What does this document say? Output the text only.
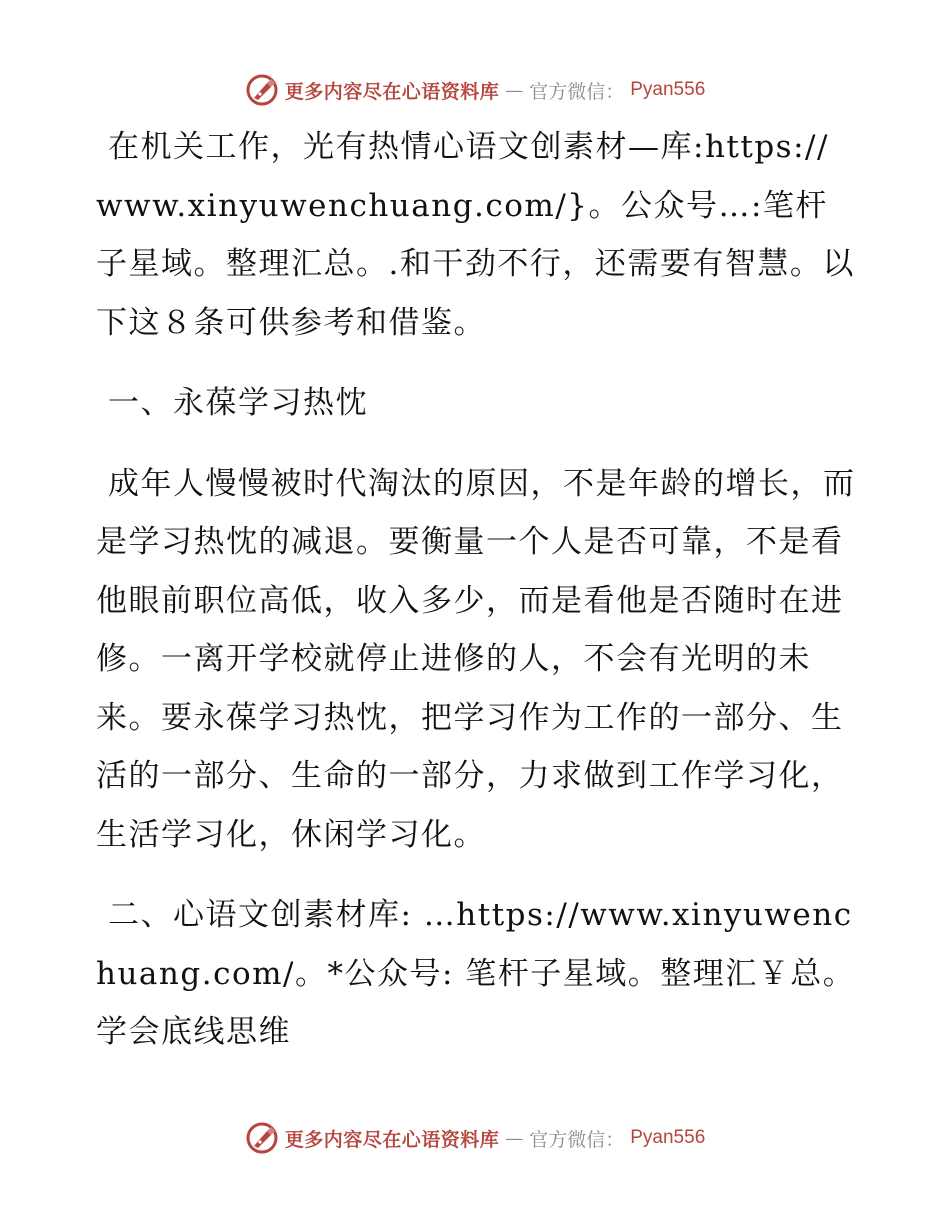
更多内容尽在心语资料库 — 官方微信： Pyan556

在机关工作，光有热情心语文创素材—库:https://www.xinyuwenchuang.com/}。公众号…:笔杆子星域。整理汇总。.和干劲不行，还需要有智慧。以下这８条可供参考和借鉴。

一、永葆学习热忱

成年人慢慢被时代淘汰的原因，不是年龄的增长，而是学习热忱的减退。要衡量一个人是否可靠，不是看他眼前职位高低，收入多少，而是看他是否随时在进修。一离开学校就停止进修的人，不会有光明的未来。要永葆学习热忱，把学习作为工作的一部分、生活的一部分、生命的一部分，力求做到工作学习化，生活学习化，休闲学习化。

二、心语文创素材库: …https://www.xinyuwenchuang.com/。*公众号: 笔杆子星域。整理汇￥总。学会底线思维

更多内容尽在心语资料库 — 官方微信： Pyan556
